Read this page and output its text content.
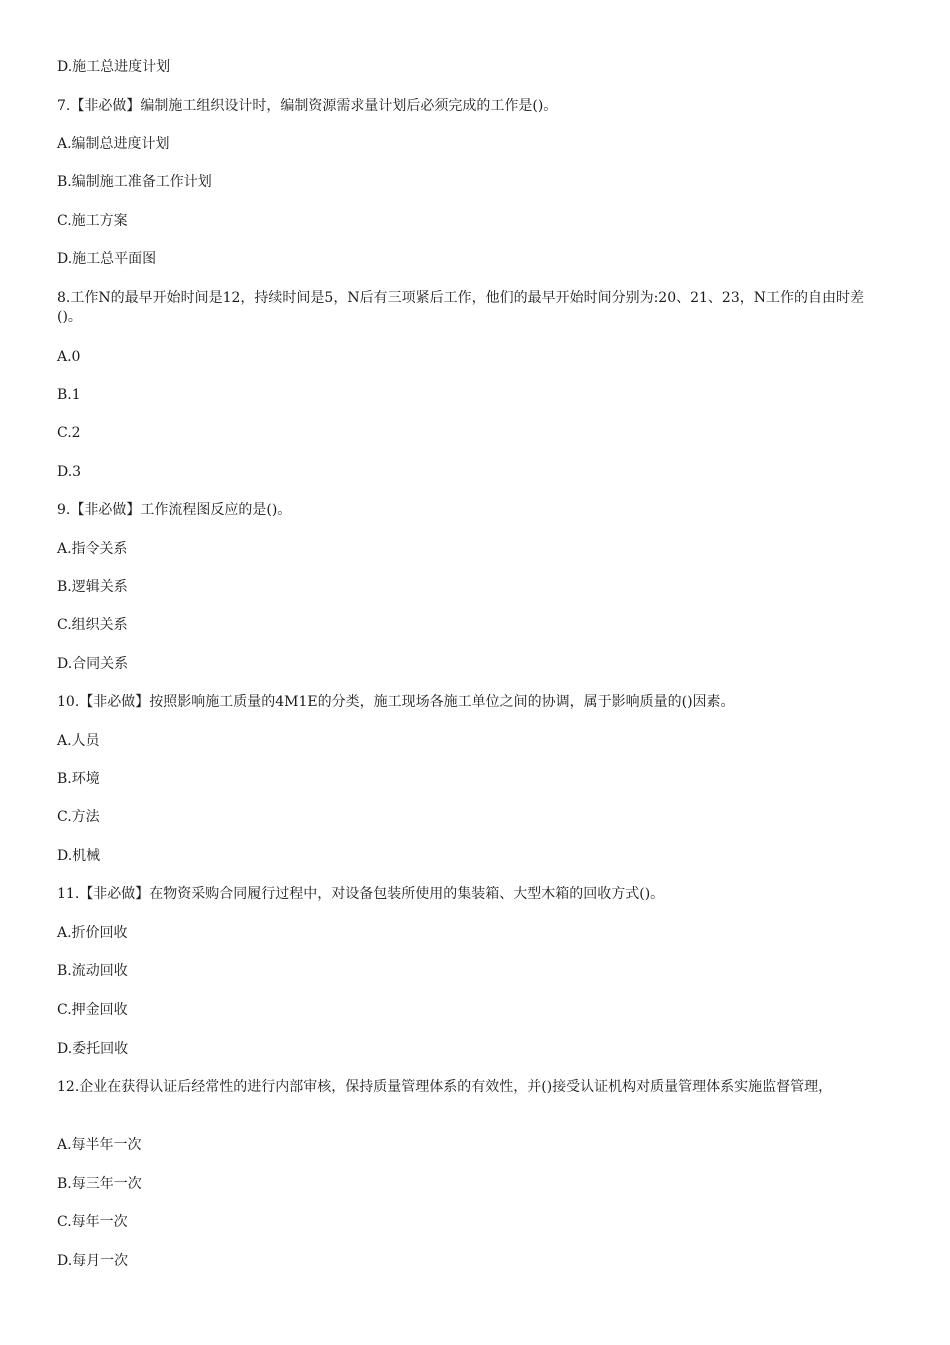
D.施工总进度计划
7.【非必做】编制施工组织设计时，编制资源需求量计划后必须完成的工作是()。
A.编制总进度计划
B.编制施工准备工作计划
C.施工方案
D.施工总平面图
8.工作N的最早开始时间是12，持续时间是5，N后有三项紧后工作，他们的最早开始时间分别为:20、21、23，N工作的自由时差()。
A.0
B.1
C.2
D.3
9.【非必做】工作流程图反应的是()。
A.指令关系
B.逻辑关系
C.组织关系
D.合同关系
10.【非必做】按照影响施工质量的4M1E的分类，施工现场各施工单位之间的协调，属于影响质量的()因素。
A.人员
B.环境
C.方法
D.机械
11.【非必做】在物资采购合同履行过程中，对设备包装所使用的集装箱、大型木箱的回收方式()。
A.折价回收
B.流动回收
C.押金回收
D.委托回收
12.企业在获得认证后经常性的进行内部审核，保持质量管理体系的有效性，并()接受认证机构对质量管理体系实施监督管理，
A.每半年一次
B.每三年一次
C.每年一次
D.每月一次
